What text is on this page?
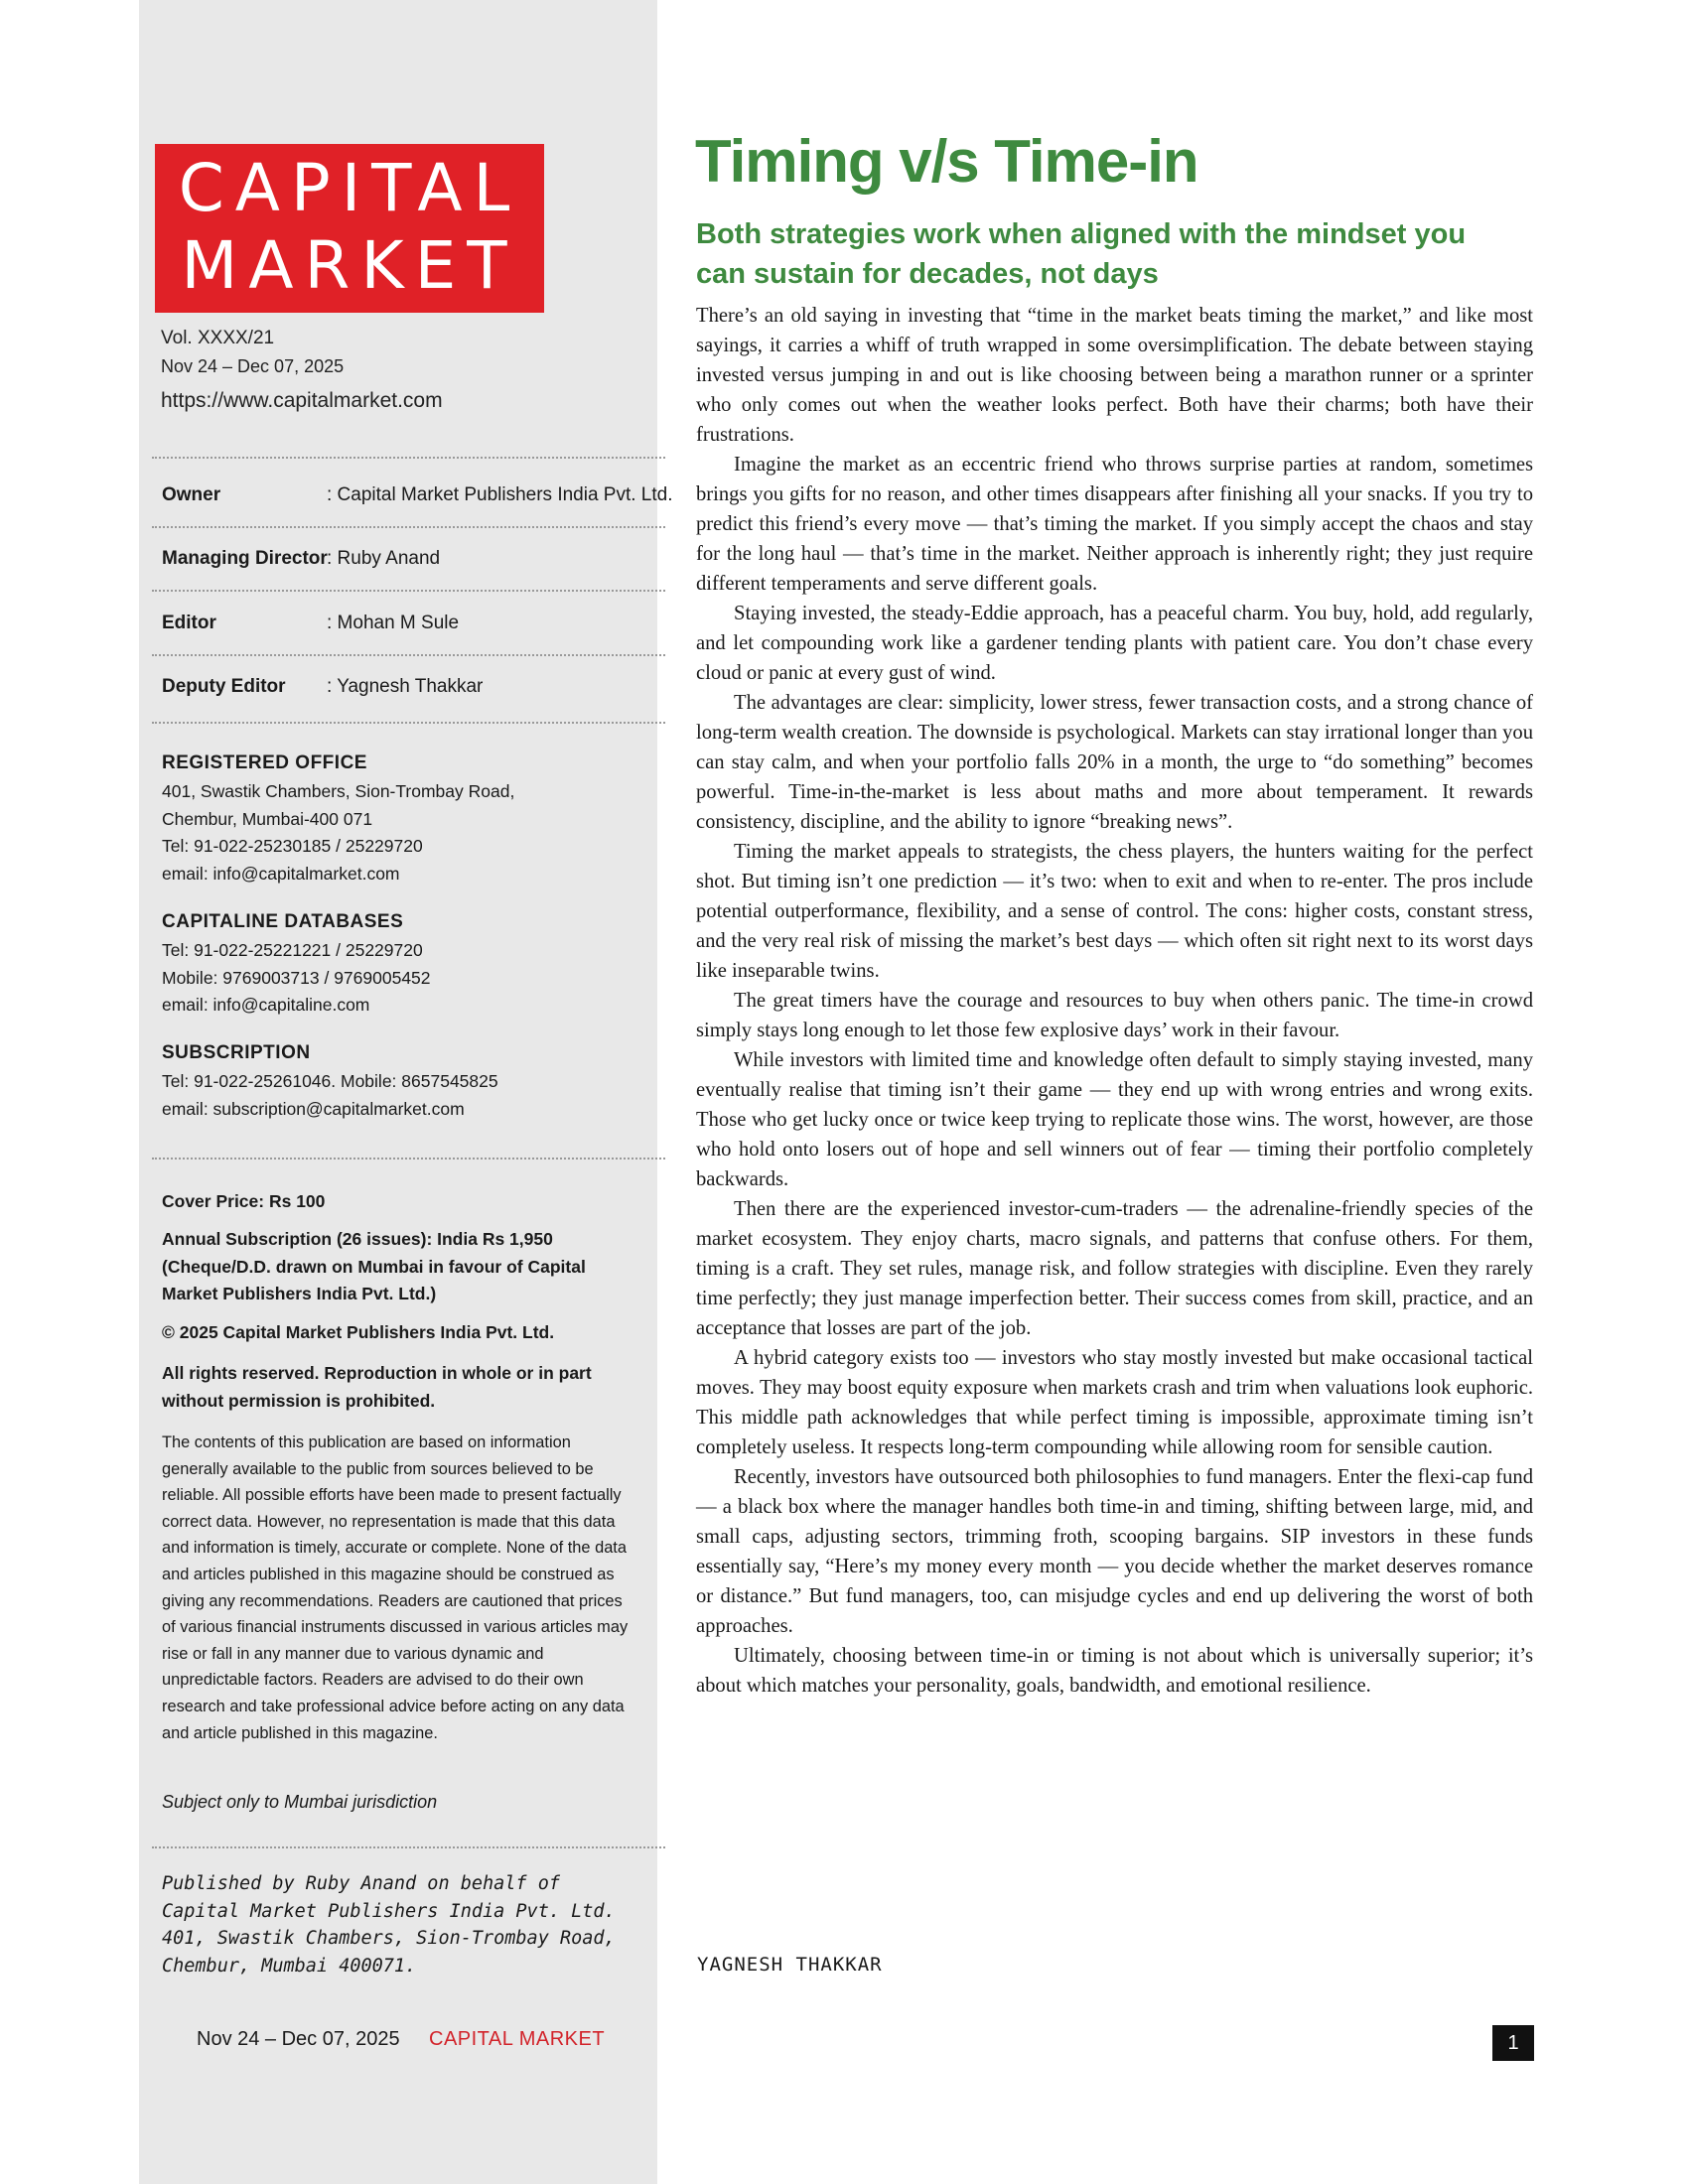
CAPITAL
MARKET
Vol. XXXX/21
Nov 24 – Dec 07, 2025
https://www.capitalmarket.com
Owner	: Capital Market Publishers India Pvt. Ltd.
Managing Director : Ruby Anand
Editor	: Mohan M Sule
Deputy Editor : Yagnesh Thakkar
REGISTERED OFFICE
401, Swastik Chambers, Sion-Trombay Road,
Chembur, Mumbai-400 071
Tel: 91-022-25230185 / 25229720
email: info@capitalmarket.com
CAPITALINE DATABASES
Tel: 91-022-25221221 / 25229720
Mobile: 9769003713 / 9769005452
email: info@capitaline.com
SUBSCRIPTION
Tel: 91-022-25261046. Mobile: 8657545825
email: subscription@capitalmarket.com
Cover Price: Rs 100
Annual Subscription (26 issues): India Rs 1,950 (Cheque/D.D. drawn on Mumbai in favour of Capital Market Publishers India Pvt. Ltd.)
© 2025 Capital Market Publishers India Pvt. Ltd.
All rights reserved. Reproduction in whole or in part without permission is prohibited.
The contents of this publication are based on information generally available to the public from sources believed to be reliable. All possible efforts have been made to present factually correct data. However, no representation is made that this data and information is timely, accurate or complete. None of the data and articles published in this magazine should be construed as giving any recommendations. Readers are cautioned that prices of various financial instruments discussed in various articles may rise or fall in any manner due to various dynamic and unpredictable factors. Readers are advised to do their own research and take professional advice before acting on any data and article published in this magazine.
Subject only to Mumbai jurisdiction
Published by Ruby Anand on behalf of
Capital Market Publishers India Pvt. Ltd.
401, Swastik Chambers, Sion-Trombay Road,
Chembur, Mumbai 400071.
Nov 24 – Dec 07, 2025 CAPITAL MARKET
Timing v/s Time-in
Both strategies work when aligned with the mindset you can sustain for decades, not days

There’s an old saying in investing that “time in the market beats timing the market,” and like most sayings, it carries a whiff of truth wrapped in some oversimplification. The debate between staying invested versus jumping in and out is like choosing between being a marathon runner or a sprinter who only comes out when the weather looks perfect. Both have their charms; both have their frustrations.

Imagine the market as an eccentric friend who throws surprise parties at random, sometimes brings you gifts for no reason, and other times disappears after finishing all your snacks. If you try to predict this friend’s every move — that’s timing the market. If you simply accept the chaos and stay for the long haul — that’s time in the market. Neither approach is inherently right; they just require different temperaments and serve different goals.

Staying invested, the steady-Eddie approach, has a peaceful charm. You buy, hold, add regularly, and let compounding work like a gardener tending plants with patient care. You don’t chase every cloud or panic at every gust of wind.

The advantages are clear: simplicity, lower stress, fewer transaction costs, and a strong chance of long-term wealth creation. The downside is psychological. Markets can stay irrational longer than you can stay calm, and when your portfolio falls 20% in a month, the urge to “do something” becomes powerful. Time-in-the-market is less about maths and more about temperament. It rewards consistency, discipline, and the ability to ignore “breaking news”.

Timing the market appeals to strategists, the chess players, the hunters waiting for the perfect shot. But timing isn’t one prediction — it’s two: when to exit and when to re-enter. The pros include potential outperformance, flexibility, and a sense of control. The cons: higher costs, constant stress, and the very real risk of missing the market’s best days — which often sit right next to its worst days like inseparable twins.

The great timers have the courage and resources to buy when others panic. The time-in crowd simply stays long enough to let those few explosive days’ work in their favour.

While investors with limited time and knowledge often default to simply staying invested, many eventually realise that timing isn’t their game — they end up with wrong entries and wrong exits. Those who get lucky once or twice keep trying to replicate those wins. The worst, however, are those who hold onto losers out of hope and sell winners out of fear — timing their portfolio completely backwards.

Then there are the experienced investor-cum-traders — the adrenaline-friendly species of the market ecosystem. They enjoy charts, macro signals, and patterns that confuse others. For them, timing is a craft. They set rules, manage risk, and follow strategies with discipline. Even they rarely time perfectly; they just manage imperfection better. Their success comes from skill, practice, and an acceptance that losses are part of the job.

A hybrid category exists too — investors who stay mostly invested but make occasional tactical moves. They may boost equity exposure when markets crash and trim when valuations look euphoric. This middle path acknowledges that while perfect timing is impossible, approximate timing isn’t completely useless. It respects long-term compounding while allowing room for sensible caution.

Recently, investors have outsourced both philosophies to fund managers. Enter the flexi-cap fund — a black box where the manager handles both time-in and timing, shifting between large, mid, and small caps, adjusting sectors, trimming froth, scooping bargains. SIP investors in these funds essentially say, “Here’s my money every month — you decide whether the market deserves romance or distance.” But fund managers, too, can misjudge cycles and end up delivering the worst of both approaches.

Ultimately, choosing between time-in or timing is not about which is universally superior; it’s about which matches your personality, goals, bandwidth, and emotional resilience.

YAGNESH THAKKAR
1
